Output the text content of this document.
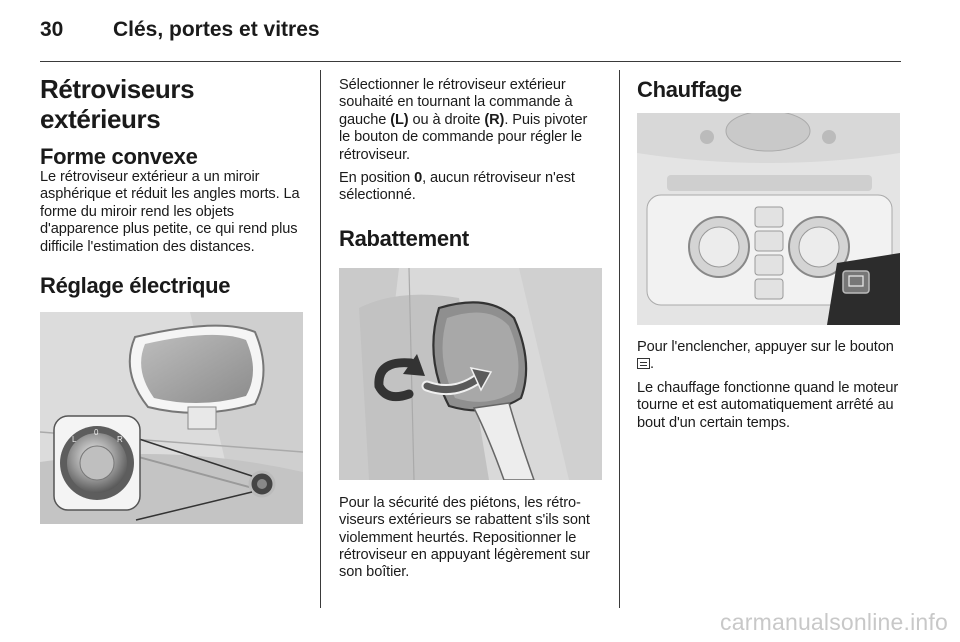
30 Clés, portes et vitres
Rétroviseurs extérieurs
Forme convexe

Le rétroviseur extérieur a un miroir asphérique et réduit les angles morts. La forme du miroir rend les objets d'apparence plus petite, ce qui rend plus difficile l'estimation des distances.

Réglage électrique
L
0
R

Sélectionner le rétroviseur extérieur souhaité en tournant la commande à gauche (L) ou à droite (R). Puis pivoter le bouton de commande pour régler le rétroviseur.

En position 0, aucun rétroviseur n'est sélectionné.

Rabattement

Pour la sécurité des piétons, les rétroviseurs extérieurs se rabattent s'ils sont violemment heurtés. Repositionner le rétroviseur en appuyant légèrement sur son boîtier.

Chauffage

Pour l'enclencher, appuyer sur le bouton
.

Le chauffage fonctionne quand le moteur tourne et est automatiquement arrêté au bout d'un certain temps.

carmanualsonline.info
